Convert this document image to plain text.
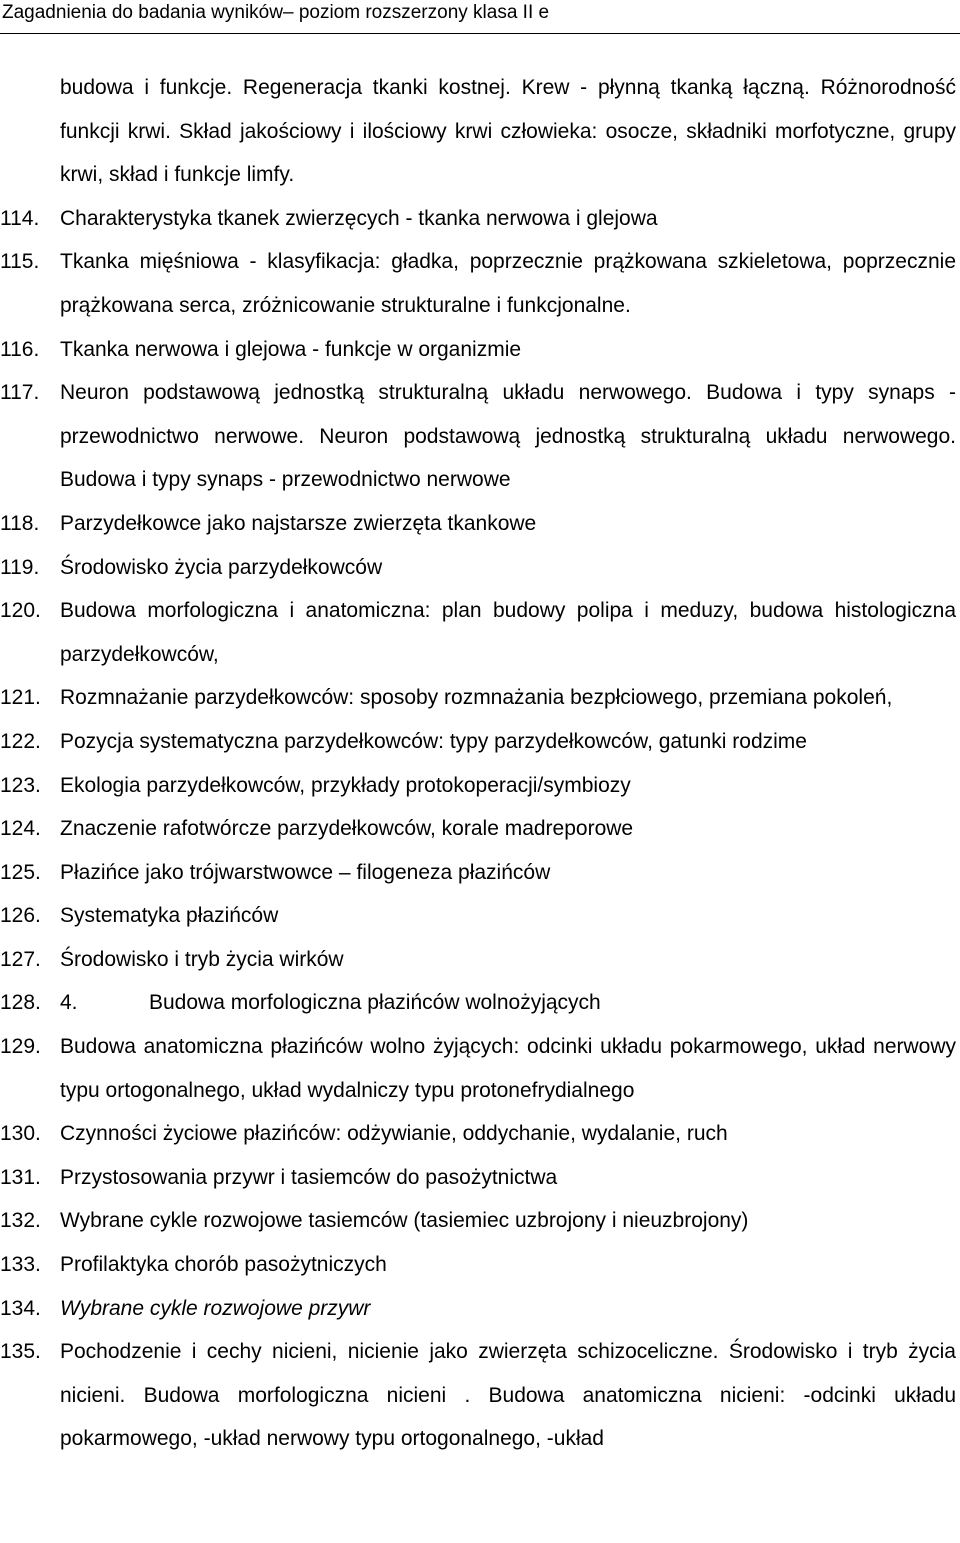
Zagadnienia do badania wyników– poziom rozszerzony klasa II e
budowa i funkcje. Regeneracja tkanki kostnej. Krew - płynną tkanką łączną. Różnorodność funkcji krwi. Skład jakościowy i ilościowy krwi człowieka: osocze, składniki morfotyczne, grupy krwi, skład i funkcje limfy.
114. Charakterystyka tkanek zwierzęcych - tkanka nerwowa i glejowa
115. Tkanka mięśniowa - klasyfikacja: gładka, poprzecznie prążkowana szkieletowa, poprzecznie prążkowana serca, zróżnicowanie strukturalne i funkcjonalne.
116. Tkanka nerwowa i glejowa - funkcje w organizmie
117. Neuron podstawową jednostką strukturalną układu nerwowego. Budowa i typy synaps - przewodnictwo nerwowe. Neuron podstawową jednostką strukturalną układu nerwowego. Budowa i typy synaps - przewodnictwo nerwowe
118. Parzydełkowce jako najstarsze zwierzęta tkankowe
119. Środowisko życia parzydełkowców
120. Budowa morfologiczna i anatomiczna: plan budowy polipa i meduzy, budowa histologiczna parzydełkowców,
121. Rozmnażanie parzydełkowców: sposoby rozmnażania bezpłciowego, przemiana pokoleń,
122. Pozycja systematyczna parzydełkowców: typy parzydełkowców, gatunki rodzime
123. Ekologia parzydełkowców, przykłady protokoperacji/symbiozy
124. Znaczenie rafotwórcze parzydełkowców, korale madreporowe
125. Płazińce jako trójwarstwowce – filogeneza płazińców
126. Systematyka płazińców
127. Środowisko i tryb życia wirków
128. 4.	Budowa morfologiczna płazińców wolnożyjących
129. Budowa anatomiczna płazińców wolno żyjących: odcinki układu pokarmowego, układ nerwowy typu ortogonalnego, układ wydalniczy typu protonefrydialnego
130. Czynności życiowe płazińców: odżywianie, oddychanie, wydalanie, ruch
131. Przystosowania przywr i tasiemców do pasożytnictwa
132. Wybrane cykle rozwojowe tasiemców (tasiemiec uzbrojony i nieuzbrojony)
133. Profilaktyka chorób pasożytniczych
134. Wybrane cykle rozwojowe przywr
135. Pochodzenie i cechy nicieni, nicienie jako zwierzęta schizoceliczne. Środowisko i tryb życia nicieni. Budowa morfologiczna nicieni . Budowa anatomiczna nicieni: -odcinki układu pokarmowego, -układ nerwowy typu ortogonalnego, -układ
